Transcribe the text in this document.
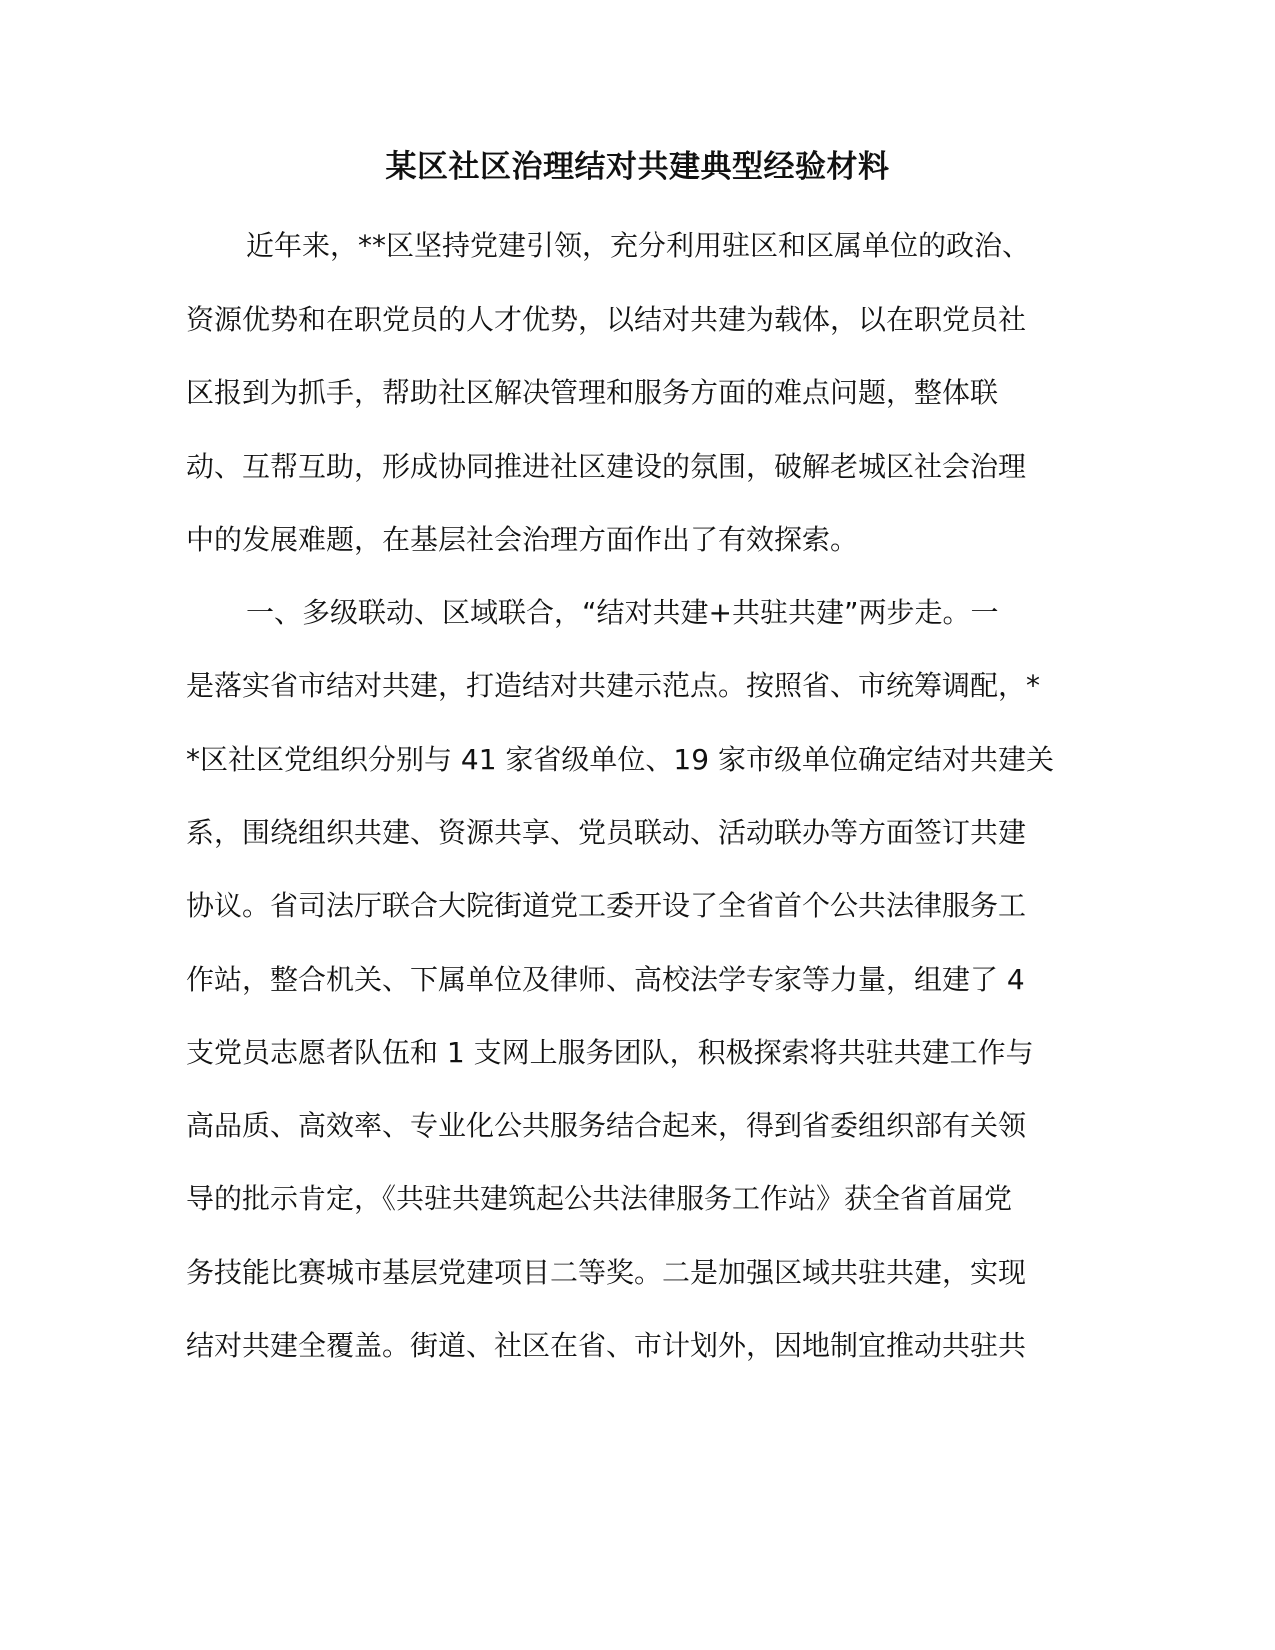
某区社区治理结对共建典型经验材料
近年来，**区坚持党建引领，充分利用驻区和区属单位的政治、
资源优势和在职党员的人才优势，以结对共建为载体，以在职党员社
区报到为抓手，帮助社区解决管理和服务方面的难点问题，整体联
动、互帮互助，形成协同推进社区建设的氛围，破解老城区社会治理
中的发展难题，在基层社会治理方面作出了有效探索。
一、多级联动、区域联合，“结对共建+共驻共建”两步走。一
是落实省市结对共建，打造结对共建示范点。按照省、市统筹调配，*
*区社区党组织分别与 41 家省级单位、19 家市级单位确定结对共建关
系，围绕组织共建、资源共享、党员联动、活动联办等方面签订共建
协议。省司法厅联合大院街道党工委开设了全省首个公共法律服务工
作站，整合机关、下属单位及律师、高校法学专家等力量，组建了 4
支党员志愿者队伍和 1 支网上服务团队，积极探索将共驻共建工作与
高品质、高效率、专业化公共服务结合起来，得到省委组织部有关领
导的批示肯定，《共驻共建筑起公共法律服务工作站》获全省首届党
务技能比赛城市基层党建项目二等奖。二是加强区域共驻共建，实现
结对共建全覆盖。街道、社区在省、市计划外，因地制宜推动共驻共
